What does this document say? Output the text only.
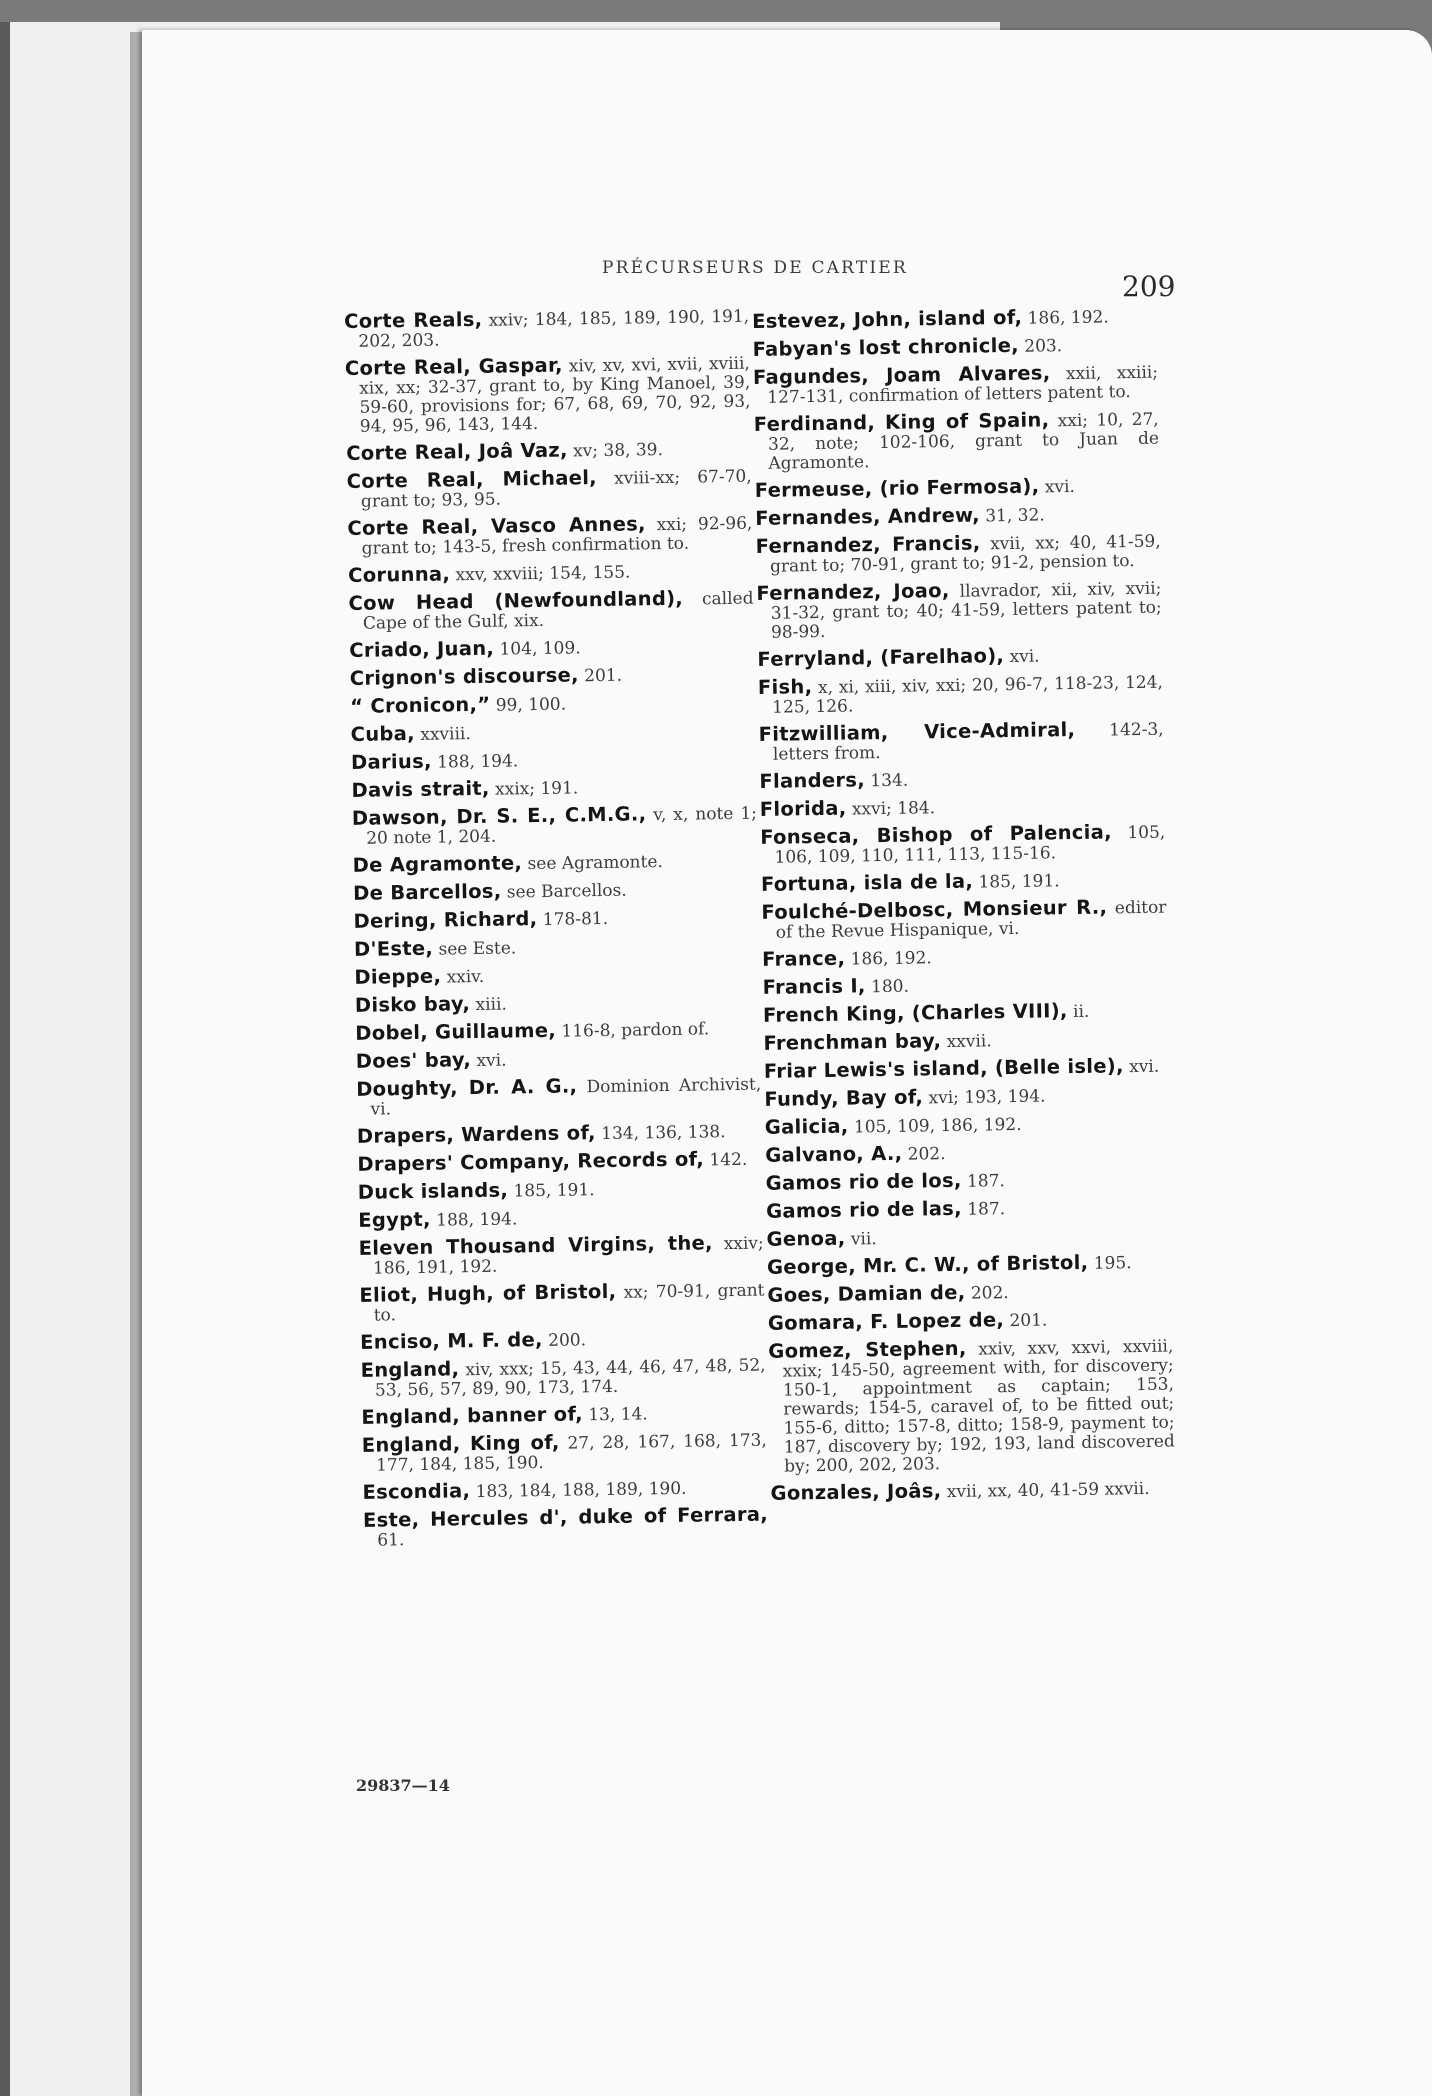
PRÉCURSEURS DE CARTIER
209
Corte Reals, xxiv; 184, 185, 189, 190, 191, 202, 203.
Corte Real, Gaspar, xiv, xv, xvi, xvii, xviii, xix, xx; 32-37, grant to, by King Manoel, 39, 59-60, provisions for; 67, 68, 69, 70, 92, 93, 94, 95, 96, 143, 144.
Corte Real, Joâ Vaz, xv; 38, 39.
Corte Real, Michael, xviii-xx; 67-70, grant to; 93, 95.
Corte Real, Vasco Annes, xxi; 92-96, grant to; 143-5, fresh confirmation to.
Corunna, xxv, xxviii; 154, 155.
Cow Head (Newfoundland), called Cape of the Gulf, xix.
Criado, Juan, 104, 109.
Crignon's discourse, 201.
“ Cronicon,” 99, 100.
Cuba, xxviii.
Darius, 188, 194.
Davis strait, xxix; 191.
Dawson, Dr. S. E., C.M.G., v, x, note 1; 20 note 1, 204.
De Agramonte, see Agramonte.
De Barcellos, see Barcellos.
Dering, Richard, 178-81.
D'Este, see Este.
Dieppe, xxiv.
Disko bay, xiii.
Dobel, Guillaume, 116-8, pardon of.
Does' bay, xvi.
Doughty, Dr. A. G., Dominion Archivist, vi.
Drapers, Wardens of, 134, 136, 138.
Drapers' Company, Records of, 142.
Duck islands, 185, 191.
Egypt, 188, 194.
Eleven Thousand Virgins, the, xxiv; 186, 191, 192.
Eliot, Hugh, of Bristol, xx; 70-91, grant to.
Enciso, M. F. de, 200.
England, xiv, xxx; 15, 43, 44, 46, 47, 48, 52, 53, 56, 57, 89, 90, 173, 174.
England, banner of, 13, 14.
England, King of, 27, 28, 167, 168, 173, 177, 184, 185, 190.
Escondia, 183, 184, 188, 189, 190.
Este, Hercules d', duke of Ferrara, 61.
Estevez, John, island of, 186, 192.
Fabyan's lost chronicle, 203.
Fagundes, Joam Alvares, xxii, xxiii; 127-131, confirmation of letters patent to.
Ferdinand, King of Spain, xxi; 10, 27, 32, note; 102-106, grant to Juan de Agramonte.
Fermeuse, (rio Fermosa), xvi.
Fernandes, Andrew, 31, 32.
Fernandez, Francis, xvii, xx; 40, 41-59, grant to; 70-91, grant to; 91-2, pension to.
Fernandez, Joao, llavrador, xii, xiv, xvii; 31-32, grant to; 40; 41-59, letters patent to; 98-99.
Ferryland, (Farelhao), xvi.
Fish, x, xi, xiii, xiv, xxi; 20, 96-7, 118-23, 124, 125, 126.
Fitzwilliam, Vice-Admiral, 142-3, letters from.
Flanders, 134.
Florida, xxvi; 184.
Fonseca, Bishop of Palencia, 105, 106, 109, 110, 111, 113, 115-16.
Fortuna, isla de la, 185, 191.
Foulché-Delbosc, Monsieur R., editor of the Revue Hispanique, vi.
France, 186, 192.
Francis I, 180.
French King, (Charles VIII), ii.
Frenchman bay, xxvii.
Friar Lewis's island, (Belle isle), xvi.
Fundy, Bay of, xvi; 193, 194.
Galicia, 105, 109, 186, 192.
Galvano, A., 202.
Gamos rio de los, 187.
Gamos rio de las, 187.
Genoa, vii.
George, Mr. C. W., of Bristol, 195.
Goes, Damian de, 202.
Gomara, F. Lopez de, 201.
Gomez, Stephen, xxiv, xxv, xxvi, xxviii, xxix; 145-50, agreement with, for discovery; 150-1, appointment as captain; 153, rewards; 154-5, caravel of, to be fitted out; 155-6, ditto; 157-8, ditto; 158-9, payment to; 187, discovery by; 192, 193, land discovered by; 200, 202, 203.
Gonzales, Joâs, xvii, xx, 40, 41-59 xxvii.
29837—14
